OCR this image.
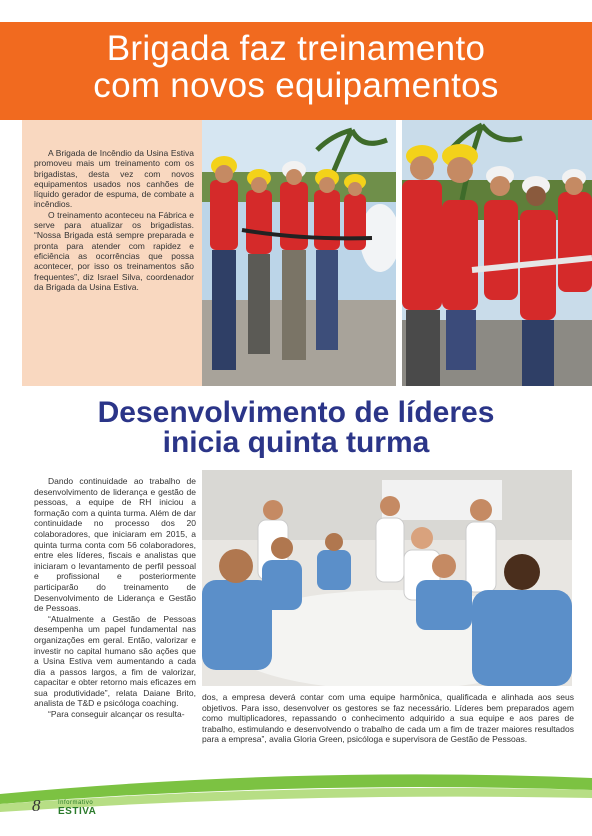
Brigada faz treinamento
com novos equipamentos

A Brigada de Incêndio da Usina Estiva promoveu mais um treinamento com os brigadistas, desta vez com novos equipamentos usados nos canhões de líquido gerador de espuma, de combate a incêndios.

O treinamento aconteceu na Fábrica e serve para atualizar os brigadistas. “Nossa Brigada está sempre preparada e pronta para atender com rapidez e eficiência as ocorrências que possa acontecer, por isso os treinamentos são frequentes”, diz Israel Silva, coordenador da Brigada da Usina Estiva.

Desenvolvimento de líderes
inicia quinta turma

Dando continuidade ao trabalho de desenvolvimento de liderança e gestão de pessoas, a equipe de RH iniciou a formação com a quinta turma. Além de dar continuidade no processo dos 20 colaboradores, que iniciaram em 2015, a quinta turma conta com 56 colaboradores, entre eles líderes, fiscais e analistas que iniciaram o levantamento de perfil pessoal e profissional e posteriormente participarão do treinamento de Desenvolvimento de Liderança e Gestão de Pessoas.

“Atualmente a Gestão de Pessoas desempenha um papel fundamental nas organizações em geral. Então, valorizar e investir no capital humano são ações que a Usina Estiva vem aumentando a cada dia a passos largos, a fim de valorizar, capacitar e obter retorno mais eficazes em sua produtividade”, relata Daiane Brito, analista de T&D e psicóloga coaching.

“Para conseguir alcançar os resulta-

dos, a empresa deverá contar com uma equipe harmônica, qualificada e alinhada aos seus objetivos. Para isso, desenvolver os gestores se faz necessário. Líderes bem preparados agem como multiplicadores, repassando o conhecimento adquirido a sua equipe e aos pares de trabalho, estimulando e desenvolvendo o trabalho de cada um a fim de trazer maiores resultados para a empresa”, avalia Gloria Green, psicóloga e supervisora de Gestão de Pessoas.
8	Informativo
ESTIVA
